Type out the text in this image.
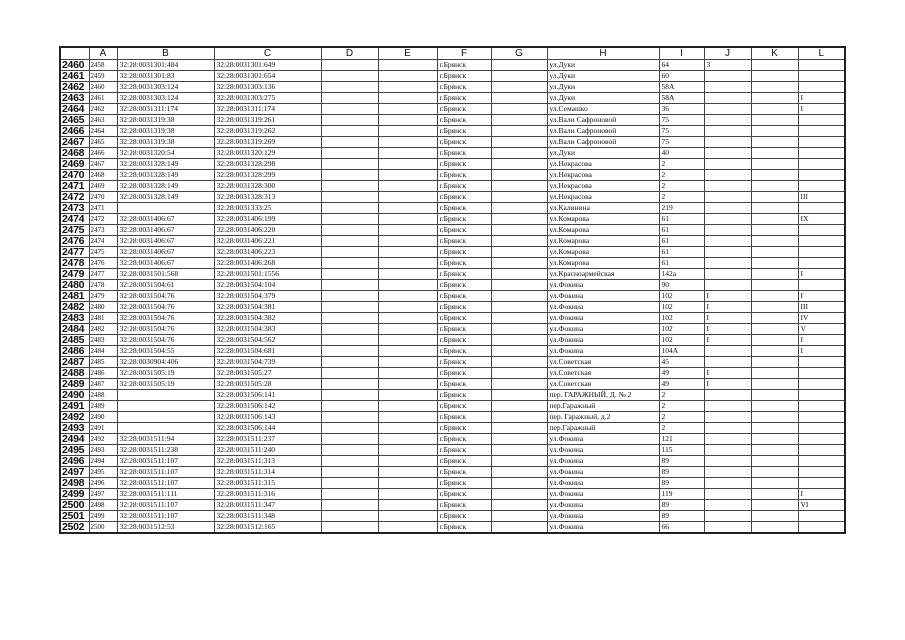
	A	B	C	D	E	F	G	H	I	J	K	L
2460	2458	32:28:0031301:484	32:28:0031301:649			г.Брянск		ул.Дуки	64	3		
2461	2459	32:28:0031301:83	32:28:0031301:654			г.Брянск		ул.Дуки	60			
2462	2460	32:28:0031303:124	32:28:0031303:136			г.Брянск		ул.Дуки	58А			
2463	2461	32:28:0031303:124	32:28:0031303:275			г.Брянск		ул.Дуки	58А			I
2464	2462	32:28:0031311:174	32:28:0031311:174			г.Брянск		ул.Семашко	36			I
2465	2463	32:28:0031319:38	32:28:0031319:261			г.Брянск		ул.Вали Сафроновой	75			
2466	2464	32:28:0031319:38	32:28:0031319:262			г.Брянск		ул.Вали Сафроновой	75			
2467	2465	32:28:0031319:38	32:28:0031319:269			г.Брянск		ул.Вали Сафроновой	75			
2468	2466	32:28:0031320:54	32:28:0031320:129			г.Брянск		ул.Дуки	40			
2469	2467	32:28:0031328:149	32:28:0031328:298			г.Брянск		ул.Некрасова	2			
2470	2468	32:28:0031328:149	32:28:0031328:299			г.Брянск		ул.Некрасова	2			
2471	2469	32:28:0031328:149	32:28:0031328:300			г.Брянск		ул.Некрасова	2			
2472	2470	32:28:0031328:149	32:28:0031328:313			г.Брянск		ул.Некрасова	2			III
2473	2471		32:28:0031333:25			г.Брянск		ул.Калинина	219			
2474	2472	32:28:0031406:67	32:28:0031406:199			г.Брянск		ул.Комарова	61			IX
2475	2473	32:28:0031406:67	32:28:0031406:220			г.Брянск		ул.Комарова	61			
2476	2474	32:28:0031406:67	32:28:0031406:221			г.Брянск		ул.Комарова	61			
2477	2475	32:28:0031406:67	32:28:0031406:223			г.Брянск		ул.Комарова	61			
2478	2476	32:28:0031406:67	32:28:0031406:268			г.Брянск		ул.Комарова	61			
2479	2477	32:28:0031501:568	32:28:0031501:1556			г.Брянск		ул.Красноармейская	142а			I
2480	2478	32:28:0031504:61	32:28:0031504:104			г.Брянск		ул.Фокина	90			
2481	2479	32:28:0031504:76	32:28:0031504:379			г.Брянск		ул.Фокина	102	I		I
2482	2480	32:28:0031504:76	32:28:0031504:381			г.Брянск		ул.Фокина	102	I		III
2483	2481	32:28:0031504:76	32:28:0031504:382			г.Брянск		ул.Фокина	102	I		IV
2484	2482	32:28:0031504:76	32:28:0031504:383			г.Брянск		ул.Фокина	102	I		V
2485	2483	32:28:0031504:76	32:28:0031504:562			г.Брянск		ул.Фокина	102	I		I
2486	2484	32:28:0031504:55	32:28:0031504:681			г.Брянск		ул.Фокина	104А			I
2487	2485	32:28:0030904:406	32:28:0031504:739			г.Брянск		ул.Советская	45			
2488	2486	32:28:0031505:19	32:28:0031505:27			г.Брянск		ул.Советская	49	I		
2489	2487	32:28:0031505:19	32:28:0031505:28			г.Брянск		ул.Советская	49	I		
2490	2488		32:28:0031506:141			г.Брянск		пер. ГАРАЖНЫЙ, Д. № 2	2			
2491	2489		32:28:0031506:142			г.Брянск		пер.Гаражный	2			
2492	2490		32:28:0031506:143			г.Брянск		пер. Гаражный, д.2	2			
2493	2491		32:28:0031506:144			г.Брянск		пер.Гаражный	2			
2494	2492	32:28:0031511:94	32:28:0031511:237			г.Брянск		ул.Фокина	121			
2495	2493	32:28:0031511:238	32:28:0031511:240			г.Брянск		ул.Фокина	115			
2496	2494	32:28:0031511:107	32:28:0031511:313			г.Брянск		ул.Фокина	89			
2497	2495	32:28:0031511:107	32:28:0031511:314			г.Брянск		ул.Фокина	89			
2498	2496	32:28:0031511:107	32:28:0031511:315			г.Брянск		ул.Фокина	89			
2499	2497	32:28:0031511:111	32:28:0031511:316			г.Брянск		ул.Фокина	119			I
2500	2498	32:28:0031511:107	32:28:0031511:347			г.Брянск		ул.Фокина	89			VI
2501	2499	32:28:0031511:107	32:28:0031511:348			г.Брянск		ул.Фокина	89			
2502	2500	32:28:0031512:53	32:28:0031512:165			г.Брянск		ул.Фокина	66			
